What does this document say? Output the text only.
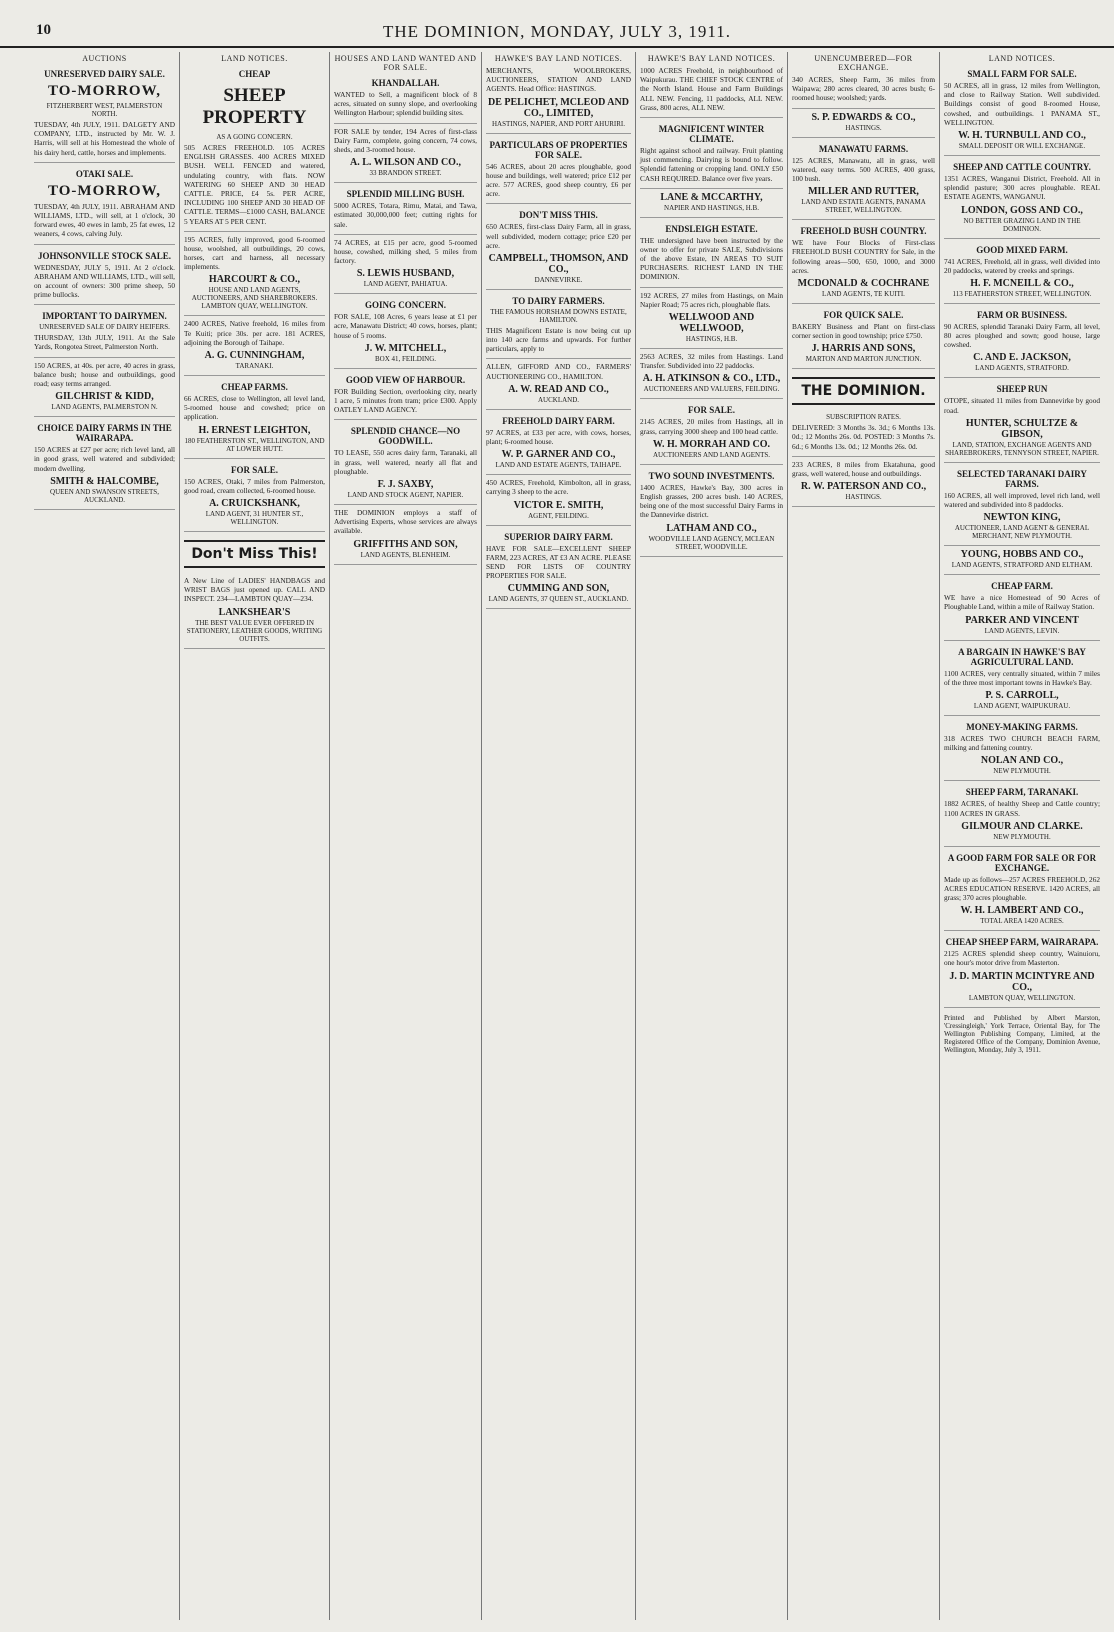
10	THE DOMINION, MONDAY, JULY 3, 1911.
AUCTIONS
UNRESERVED DAIRY SALE.
TO-MORROW,
FITZHERBERT WEST, PALMERSTON NORTH.
TUESDAY, 4th JULY, 1911. DALGETY AND COMPANY, LTD., instructed by Mr. W. J. Harris, will sell at his Homestead the whole of his dairy herd, cattle, horses and implements.
OTAKI SALE.
TO-MORROW,
TUESDAY, 4th JULY, 1911. ABRAHAM AND WILLIAMS, LTD., will sell, at 1 o'clock, 30 forward ewes, 40 ewes in lamb, 25 fat ewes, 12 weaners, 4 cows, calving July.
JOHNSONVILLE STOCK SALE.
WEDNESDAY, JULY 5, 1911. At 2 o'clock. ABRAHAM AND WILLIAMS, LTD., will sell, on account of owners: 300 prime sheep, 50 prime bullocks.
IMPORTANT TO DAIRYMEN.
UNRESERVED SALE OF DAIRY HEIFERS.
THURSDAY, 13th JULY, 1911. At the Sale Yards, Rongotea Street, Palmerston North.
150 ACRES, at 40s. per acre, 40 acres in grass, balance bush; house and outbuildings, good road; easy terms arranged.
GILCHRIST & KIDD,
LAND AGENTS, PALMERSTON N.
CHOICE DAIRY FARMS IN THE WAIRARAPA.
150 ACRES at £27 per acre; rich level land, all in good grass, well watered and subdivided; modern dwelling.
SMITH & HALCOMBE,
QUEEN AND SWANSON STREETS, AUCKLAND.
LAND NOTICES.
CHEAP
SHEEP PROPERTY
AS A GOING CONCERN.
505 ACRES FREEHOLD. 105 ACRES ENGLISH GRASSES. 400 ACRES MIXED BUSH. WELL FENCED and watered, undulating country, with flats. NOW WATERING 60 SHEEP AND 30 HEAD CATTLE. PRICE, £4 5s. PER ACRE, INCLUDING 100 SHEEP AND 30 HEAD OF CATTLE. TERMS—£1000 CASH, BALANCE 5 YEARS AT 5 PER CENT.
195 ACRES, fully improved, good 6-roomed house, woolshed, all outbuildings, 20 cows, horses, cart and harness, all necessary implements.
HARCOURT & CO.,
HOUSE AND LAND AGENTS, AUCTIONEERS, AND SHAREBROKERS. LAMBTON QUAY, WELLINGTON.
2400 ACRES, Native freehold, 16 miles from Te Kuiti; price 30s. per acre. 181 ACRES, adjoining the Borough of Taihape.
A. G. CUNNINGHAM,
TARANAKI.
CHEAP FARMS.
66 ACRES, close to Wellington, all level land, 5-roomed house and cowshed; price on application.
H. ERNEST LEIGHTON,
180 FEATHERSTON ST., WELLINGTON, AND AT LOWER HUTT.
FOR SALE.
150 ACRES, Otaki, 7 miles from Palmerston, good road, cream collected, 6-roomed house.
A. CRUICKSHANK,
LAND AGENT, 31 HUNTER ST., WELLINGTON.
Don't Miss This!
A New Line of LADIES' HANDBAGS and WRIST BAGS just opened up. CALL AND INSPECT. 234—LAMBTON QUAY—234.
LANKSHEAR'S
THE BEST VALUE EVER OFFERED IN STATIONERY, LEATHER GOODS, WRITING OUTFITS.
HOUSES AND LAND WANTED AND FOR SALE.
KHANDALLAH.
WANTED to Sell, a magnificent block of 8 acres, situated on sunny slope, and overlooking Wellington Harbour; splendid building sites.
FOR SALE by tender, 194 Acres of first-class Dairy Farm, complete, going concern, 74 cows, sheds, and 3-roomed house.
A. L. WILSON AND CO.,
33 BRANDON STREET.
SPLENDID MILLING BUSH.
5000 ACRES, Totara, Rimu, Matai, and Tawa, estimated 30,000,000 feet; cutting rights for sale.
74 ACRES, at £15 per acre, good 5-roomed house, cowshed, milking shed, 5 miles from factory.
S. LEWIS HUSBAND,
LAND AGENT, PAHIATUA.
GOING CONCERN.
FOR SALE, 108 Acres, 6 years lease at £1 per acre, Manawatu District; 40 cows, horses, plant; house of 5 rooms.
J. W. MITCHELL,
BOX 41, FEILDING.
GOOD VIEW OF HARBOUR.
FOR Building Section, overlooking city, nearly 1 acre, 5 minutes from tram; price £300. Apply OATLEY LAND AGENCY.
SPLENDID CHANCE—NO GOODWILL.
TO LEASE, 550 acres dairy farm, Taranaki, all in grass, well watered, nearly all flat and ploughable.
F. J. SAXBY,
LAND AND STOCK AGENT, NAPIER.
THE DOMINION employs a staff of Advertising Experts, whose services are always available.
GRIFFITHS AND SON,
LAND AGENTS, BLENHEIM.
HAWKE'S BAY LAND NOTICES.
MERCHANTS, WOOLBROKERS, AUCTIONEERS, STATION AND LAND AGENTS. Head Office: HASTINGS.
DE PELICHET, MCLEOD AND CO., LIMITED,
HASTINGS, NAPIER, AND PORT AHURIRI.
PARTICULARS OF PROPERTIES FOR SALE.
546 ACRES, about 20 acres ploughable, good house and buildings, well watered; price £12 per acre. 577 ACRES, good sheep country, £6 per acre.
DON'T MISS THIS.
650 ACRES, first-class Dairy Farm, all in grass, well subdivided, modern cottage; price £20 per acre.
CAMPBELL, THOMSON, AND CO.,
DANNEVIRKE.
TO DAIRY FARMERS.
THE FAMOUS HORSHAM DOWNS ESTATE, HAMILTON.
THIS Magnificent Estate is now being cut up into 140 acre farms and upwards. For further particulars, apply to
ALLEN, GIFFORD AND CO., FARMERS' AUCTIONEERING CO., HAMILTON.
A. W. READ AND CO.,
AUCKLAND.
FREEHOLD DAIRY FARM.
97 ACRES, at £33 per acre, with cows, horses, plant; 6-roomed house.
W. P. GARNER AND CO.,
LAND AND ESTATE AGENTS, TAIHAPE.
450 ACRES, Freehold, Kimbolton, all in grass, carrying 3 sheep to the acre.
VICTOR E. SMITH,
AGENT, FEILDING.
SUPERIOR DAIRY FARM.
HAVE FOR SALE—EXCELLENT SHEEP FARM, 223 ACRES, AT £3 AN ACRE. PLEASE SEND FOR LISTS OF COUNTRY PROPERTIES FOR SALE.
CUMMING AND SON,
LAND AGENTS, 37 QUEEN ST., AUCKLAND.
HAWKE'S BAY LAND NOTICES.
1000 ACRES Freehold, in neighbourhood of Waipukurau. THE CHIEF STOCK CENTRE of the North Island. House and Farm Buildings ALL NEW. Fencing, 11 paddocks, ALL NEW. Grass, 800 acres, ALL NEW.
MAGNIFICENT WINTER CLIMATE.
Right against school and railway. Fruit planting just commencing. Dairying is bound to follow. Splendid fattening or cropping land. ONLY £50 CASH REQUIRED. Balance over five years.
LANE & MCCARTHY,
NAPIER AND HASTINGS, H.B.
ENDSLEIGH ESTATE.
THE undersigned have been instructed by the owner to offer for private SALE, Subdivisions of the above Estate, IN AREAS TO SUIT PURCHASERS. RICHEST LAND IN THE DOMINION.
192 ACRES, 27 miles from Hastings, on Main Napier Road; 75 acres rich, ploughable flats.
WELLWOOD AND WELLWOOD,
HASTINGS, H.B.
2563 ACRES, 32 miles from Hastings. Land Transfer. Subdivided into 22 paddocks.
A. H. ATKINSON & CO., LTD.,
AUCTIONEERS AND VALUERS, FEILDING.
FOR SALE.
2145 ACRES, 20 miles from Hastings, all in grass, carrying 3000 sheep and 100 head cattle.
W. H. MORRAH AND CO.
AUCTIONEERS AND LAND AGENTS.
TWO SOUND INVESTMENTS.
1400 ACRES, Hawke's Bay, 300 acres in English grasses, 200 acres bush. 140 ACRES, being one of the most successful Dairy Farms in the Dannevirke district.
LATHAM AND CO.,
WOODVILLE LAND AGENCY, MCLEAN STREET, WOODVILLE.
UNENCUMBERED—FOR EXCHANGE.
340 ACRES, Sheep Farm, 36 miles from Waipawa; 280 acres cleared, 30 acres bush; 6-roomed house; woolshed; yards.
S. P. EDWARDS & CO.,
HASTINGS.
MANAWATU FARMS.
125 ACRES, Manawatu, all in grass, well watered, easy terms. 500 ACRES, 400 grass, 100 bush.
MILLER AND RUTTER,
LAND AND ESTATE AGENTS, PANAMA STREET, WELLINGTON.
FREEHOLD BUSH COUNTRY.
WE have Four Blocks of First-class FREEHOLD BUSH COUNTRY for Sale, in the following areas—500, 650, 1000, and 3000 acres.
MCDONALD & COCHRANE
LAND AGENTS, TE KUITI.
FOR QUICK SALE.
BAKERY Business and Plant on first-class corner section in good township; price £750.
J. HARRIS AND SONS,
MARTON AND MARTON JUNCTION.
THE DOMINION.
SUBSCRIPTION RATES.
DELIVERED: 3 Months 3s. 3d.; 6 Months 13s. 0d.; 12 Months 26s. 0d. POSTED: 3 Months 7s. 6d.; 6 Months 13s. 0d.; 12 Months 26s. 0d.
233 ACRES, 8 miles from Ekatahuna, good grass, well watered, house and outbuildings.
R. W. PATERSON AND CO.,
HASTINGS.
LAND NOTICES.
SMALL FARM FOR SALE.
50 ACRES, all in grass, 12 miles from Wellington, and close to Railway Station. Well subdivided. Buildings consist of good 8-roomed House, cowshed, and outbuildings. 1 PANAMA ST., WELLINGTON.
W. H. TURNBULL AND CO.,
SMALL DEPOSIT OR WILL EXCHANGE.
SHEEP AND CATTLE COUNTRY.
1351 ACRES, Wanganui District, Freehold. All in splendid pasture; 300 acres ploughable. REAL ESTATE AGENTS, WANGANUI.
LONDON, GOSS AND CO.,
NO BETTER GRAZING LAND IN THE DOMINION.
GOOD MIXED FARM.
741 ACRES, Freehold, all in grass, well divided into 20 paddocks, watered by creeks and springs.
H. F. MCNEILL & CO.,
113 FEATHERSTON STREET, WELLINGTON.
FARM OR BUSINESS.
90 ACRES, splendid Taranaki Dairy Farm, all level, 80 acres ploughed and sown; good house, large cowshed.
C. AND E. JACKSON,
LAND AGENTS, STRATFORD.
SHEEP RUN
OTOPE, situated 11 miles from Dannevirke by good road.
HUNTER, SCHULTZE & GIBSON,
LAND, STATION, EXCHANGE AGENTS AND SHAREBROKERS, TENNYSON STREET, NAPIER.
SELECTED TARANAKI DAIRY FARMS.
160 ACRES, all well improved, level rich land, well watered and subdivided into 8 paddocks.
NEWTON KING,
AUCTIONEER, LAND AGENT & GENERAL MERCHANT, NEW PLYMOUTH.
YOUNG, HOBBS AND CO.,
LAND AGENTS, STRATFORD AND ELTHAM.
CHEAP FARM.
WE have a nice Homestead of 90 Acres of Ploughable Land, within a mile of Railway Station.
PARKER AND VINCENT
LAND AGENTS, LEVIN.
A BARGAIN IN HAWKE'S BAY AGRICULTURAL LAND.
1100 ACRES, very centrally situated, within 7 miles of the three most important towns in Hawke's Bay.
P. S. CARROLL,
LAND AGENT, WAIPUKURAU.
MONEY-MAKING FARMS.
318 ACRES TWO CHURCH BEACH FARM, milking and fattening country.
NOLAN AND CO.,
NEW PLYMOUTH.
SHEEP FARM, TARANAKI.
1882 ACRES, of healthy Sheep and Cattle country; 1100 ACRES IN GRASS.
GILMOUR AND CLARKE.
NEW PLYMOUTH.
A GOOD FARM FOR SALE OR FOR EXCHANGE.
Made up as follows—257 ACRES FREEHOLD, 262 ACRES EDUCATION RESERVE. 1420 ACRES, all grass; 370 acres ploughable.
W. H. LAMBERT AND CO.,
TOTAL AREA 1420 ACRES.
CHEAP SHEEP FARM, WAIRARAPA.
2125 ACRES splendid sheep country, Wainuioru, one hour's motor drive from Masterton.
J. D. MARTIN MCINTYRE AND CO.,
LAMBTON QUAY, WELLINGTON.
Printed and Published by Albert Marston, 'Cressingleigh,' York Terrace, Oriental Bay, for The Wellington Publishing Company, Limited, at the Registered Office of the Company, Dominion Avenue, Wellington, Monday, July 3, 1911.
